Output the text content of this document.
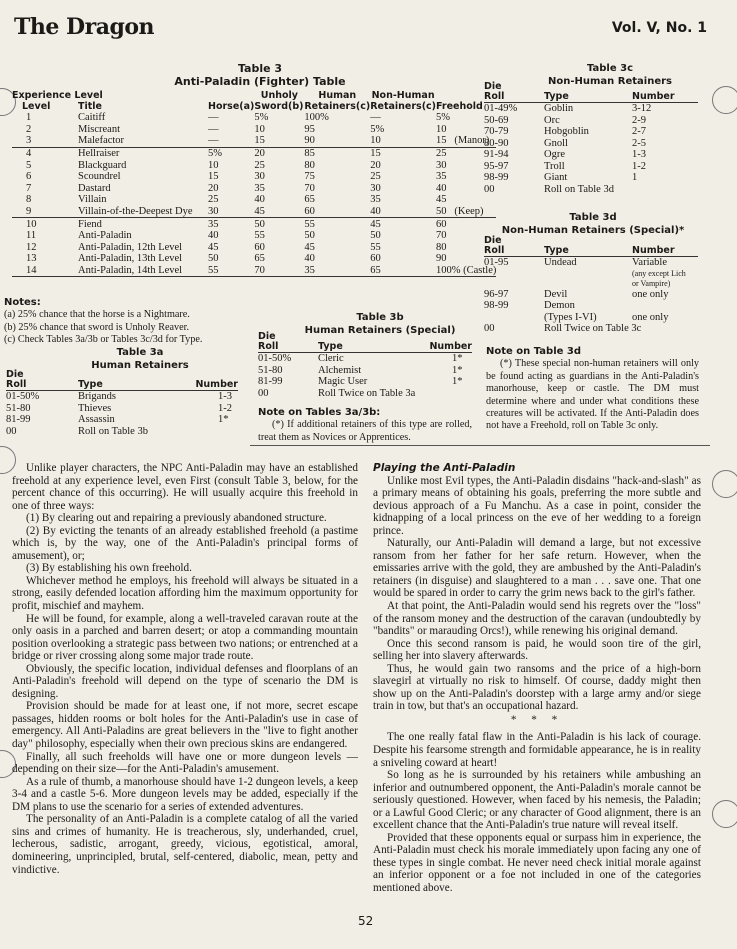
The Dragon	Vol. V, No. 1
Table 3
Anti-Paladin (Fighter) Table
Experience Level			Unholy	Human	Non-Human	
Level	Title	Horse(a)	Sword(b)	Retainers(c)	Retainers(c)	Freehold
1	Caitiff	—	5%	100%	—	5%
2	Miscreant	—	10	95	5%	10
3	Malefactor	—	15	90	10	15   (Manor)
4	Hellraiser	5%	20	85	15	25
5	Blackguard	10	25	80	20	30
6	Scoundrel	15	30	75	25	35
7	Dastard	20	35	70	30	40
8	Villain	25	40	65	35	45
9	Villain-of-the-Deepest Dye	30	45	60	40	50   (Keep)
10	Fiend	35	50	55	45	60
11	Anti-Paladin	40	55	50	50	70
12	Anti-Paladin, 12th Level	45	60	45	55	80
13	Anti-Paladin, 13th Level	50	65	40	60	90
14	Anti-Paladin, 14th Level	55	70	35	65	100% (Castle)
Notes:
(a) 25% chance that the horse is a Nightmare.
(b) 25% chance that sword is Unholy Reaver.
(c) Check Tables 3a/3b or Tables 3c/3d for Type.
Table 3a
Human Retainers
Die		
Roll	Type	Number
01-50%	Brigands	1-3
51-80	Thieves	1-2
81-99	Assassin	1*
00	Roll on Table 3b	
Table 3b
Human Retainers (Special)
Die		
Roll	Type	Number
01-50%	Cleric	1*
51-80	Alchemist	1*
81-99	Magic User	1*
00	Roll Twice on Table 3a	
Note on Tables 3a/3b:
(*) If additional retainers of this type are rolled, treat them as Novices or Apprentices.
Table 3c
Non-Human Retainers
Die		
Roll	Type	Number
01-49%	Goblin	3-12
50-69	Orc	2-9
70-79	Hobgoblin	2-7
80-90	Gnoll	2-5
91-94	Ogre	1-3
95-97	Troll	1-2
98-99	Giant	1
00	Roll on Table 3d	
Table 3d
Non-Human Retainers (Special)*
Die		
Roll	Type	Number
01-95	Undead	Variable
		(any except Lich
		or Vampire)
96-97	Devil	one only
98-99	Demon	
	(Types I-VI)	one only
00	Roll Twice on Table 3c	
Note on Table 3d
(*) These special non-human retainers will only be found acting as guardians in the Anti-Paladin's manorhouse, keep or castle. The DM must determine where and under what conditions these creatures will be activated. If the Anti-Paladin does not have a Freehold, roll on Table 3c only.

Unlike player characters, the NPC Anti-Paladin may have an established freehold at any experience level, even First (consult Table 3, below, for the percent chance of this occurring). He will usually acquire this freehold in one of three ways:

(1) By clearing out and repairing a previously abandoned structure.

(2) By evicting the tenants of an already established freehold (a pastime which is, by the way, one of the Anti-Paladin's principal forms of amusement), or;

(3) By establishing his own freehold.

Whichever method he employs, his freehold will always be situated in a strong, easily defended location affording him the maximum opportunity for profit, mischief and mayhem.

He will be found, for example, along a well-traveled caravan route at the only oasis in a parched and barren desert; or atop a commanding mountain position overlooking a strategic pass between two nations; or entrenched at a bridge or river crossing along some major trade route.

Obviously, the specific location, individual defenses and floorplans of an Anti-Paladin's freehold will depend on the type of scenario the DM is designing.

Provision should be made for at least one, if not more, secret escape passages, hidden rooms or bolt holes for the Anti-Paladin's use in case of emergency. All Anti-Paladins are great believers in the "live to fight another day" philosophy, especially when their own precious skins are endangered.

Finally, all such freeholds will have one or more dungeon levels —depending on their size—for the Anti-Paladin's amusement.

As a rule of thumb, a manorhouse should have 1-2 dungeon levels, a keep 3-4 and a castle 5-6. More dungeon levels may be added, especially if the DM plans to use the scenario for a series of extended adventures.

The personality of an Anti-Paladin is a complete catalog of all the varied sins and crimes of humanity. He is treacherous, sly, underhanded, cruel, lecherous, sadistic, arrogant, greedy, vicious, egotistical, amoral, domineering, unprincipled, brutal, self-centered, diabolic, mean, petty and vindictive.

Playing the Anti-Paladin

Unlike most Evil types, the Anti-Paladin disdains "hack-and-slash" as a primary means of obtaining his goals, preferring the more subtle and devious approach of a Fu Manchu. As a case in point, consider the kidnapping of a local princess on the eve of her wedding to a foreign prince.

Naturally, our Anti-Paladin will demand a large, but not excessive ransom from her father for her safe return. However, when the emissaries arrive with the gold, they are ambushed by the Anti-Paladin's retainers (in disguise) and slaughtered to a man . . . save one. That one would be spared in order to carry the grim news back to the girl's father.

At that point, the Anti-Paladin would send his regrets over the "loss" of the ransom money and the destruction of the caravan (undoubtedly by "bandits" or marauding Orcs!), while renewing his original demand.

Once this second ransom is paid, he would soon tire of the girl, selling her into slavery afterwards.

Thus, he would gain two ransoms and the price of a high-born slavegirl at virtually no risk to himself. Of course, daddy might then show up on the Anti-Paladin's doorstep with a large army and/or siege train in tow, but that's an occupational hazard.

* * *

The one really fatal flaw in the Anti-Paladin is his lack of courage. Despite his fearsome strength and formidable appearance, he is in reality a sniveling coward at heart!

So long as he is surrounded by his retainers while ambushing an inferior and outnumbered opponent, the Anti-Paladin's morale cannot be seriously questioned. However, when faced by his nemesis, the Paladin; or a Lawful Good Cleric; or any character of Good alignment, there is an excellent chance that the Anti-Paladin's true nature will reveal itself.

Provided that these opponents equal or surpass him in experience, the Anti-Paladin must check his morale immediately upon facing any one of these types in single combat. He never need check initial morale against an inferior opponent or a foe not included in one of the categories mentioned above.

52
